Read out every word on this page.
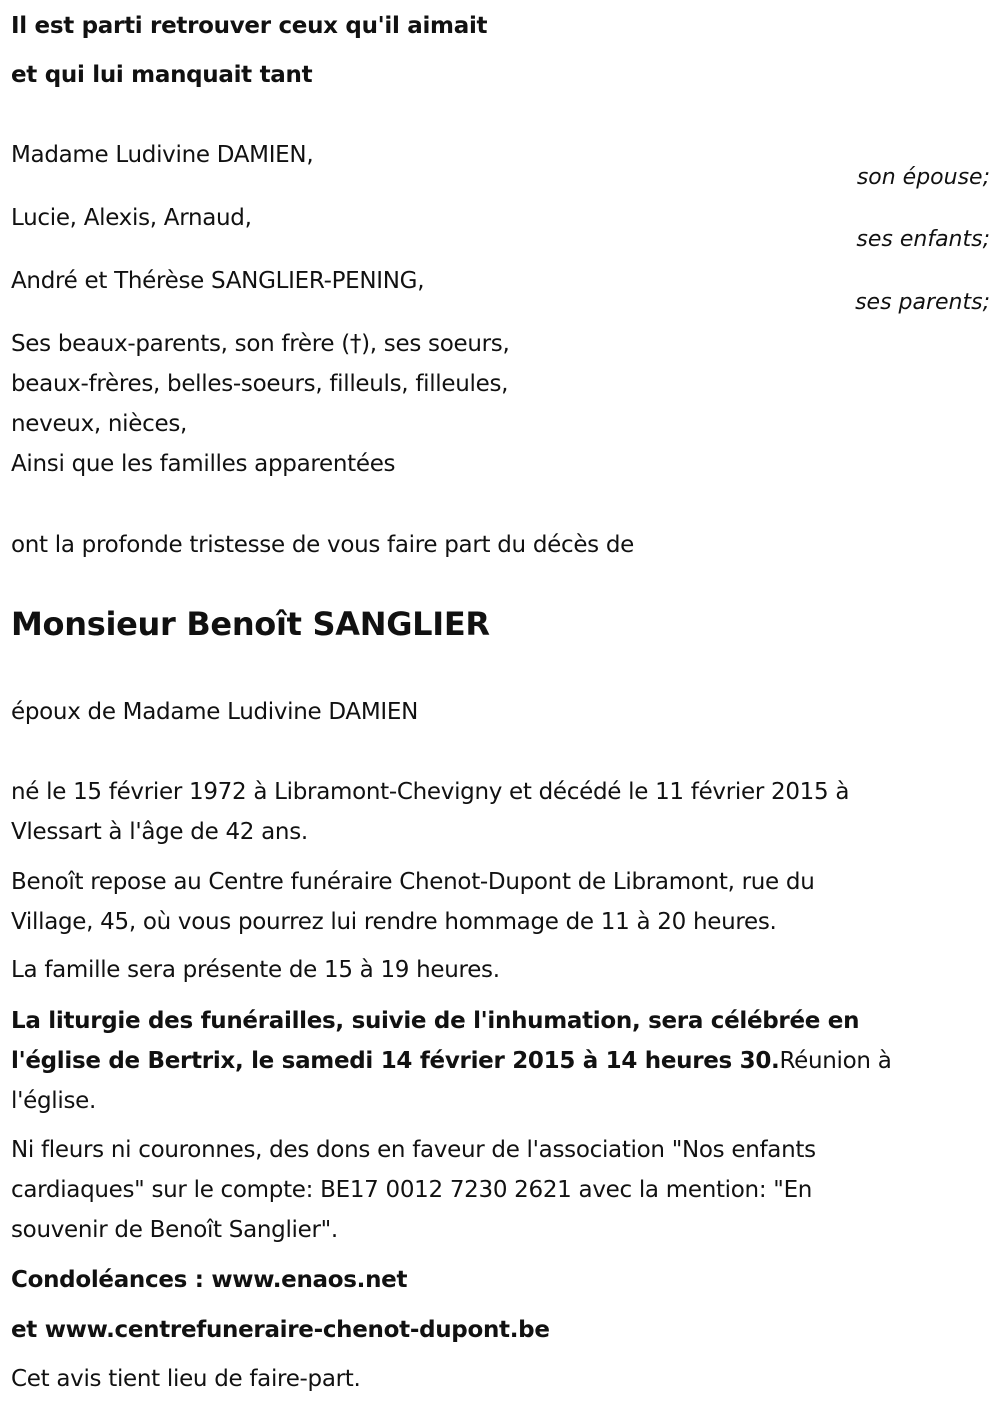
Il est parti retrouver ceux qu'il aimait
et qui lui manquait tant
Madame Ludivine DAMIEN,
son épouse;
Lucie, Alexis, Arnaud,
ses enfants;
André et Thérèse SANGLIER-PENING,
ses parents;
Ses beaux-parents, son frère (†), ses soeurs,
beaux-frères, belles-soeurs, filleuls, filleules,
neveux, nièces,
Ainsi que les familles apparentées
ont la profonde tristesse de vous faire part du décès de
Monsieur Benoît SANGLIER
époux de Madame Ludivine DAMIEN
né le 15 février 1972 à Libramont-Chevigny et décédé le 11 février 2015 à
Vlessart à l'âge de 42 ans.
Benoît repose au Centre funéraire Chenot-Dupont de Libramont, rue du
Village, 45, où vous pourrez lui rendre hommage de 11 à 20 heures.
La famille sera présente de 15 à 19 heures.
La liturgie des funérailles, suivie de l'inhumation, sera célébrée en
l'église de Bertrix, le samedi 14 février 2015 à 14 heures 30.Réunion à
l'église.
Ni fleurs ni couronnes, des dons en faveur de l'association "Nos enfants
cardiaques" sur le compte: BE17 0012 7230 2621 avec la mention: "En
souvenir de Benoît Sanglier".
Condoléances : www.enaos.net
et www.centrefuneraire-chenot-dupont.be
Cet avis tient lieu de faire-part.
